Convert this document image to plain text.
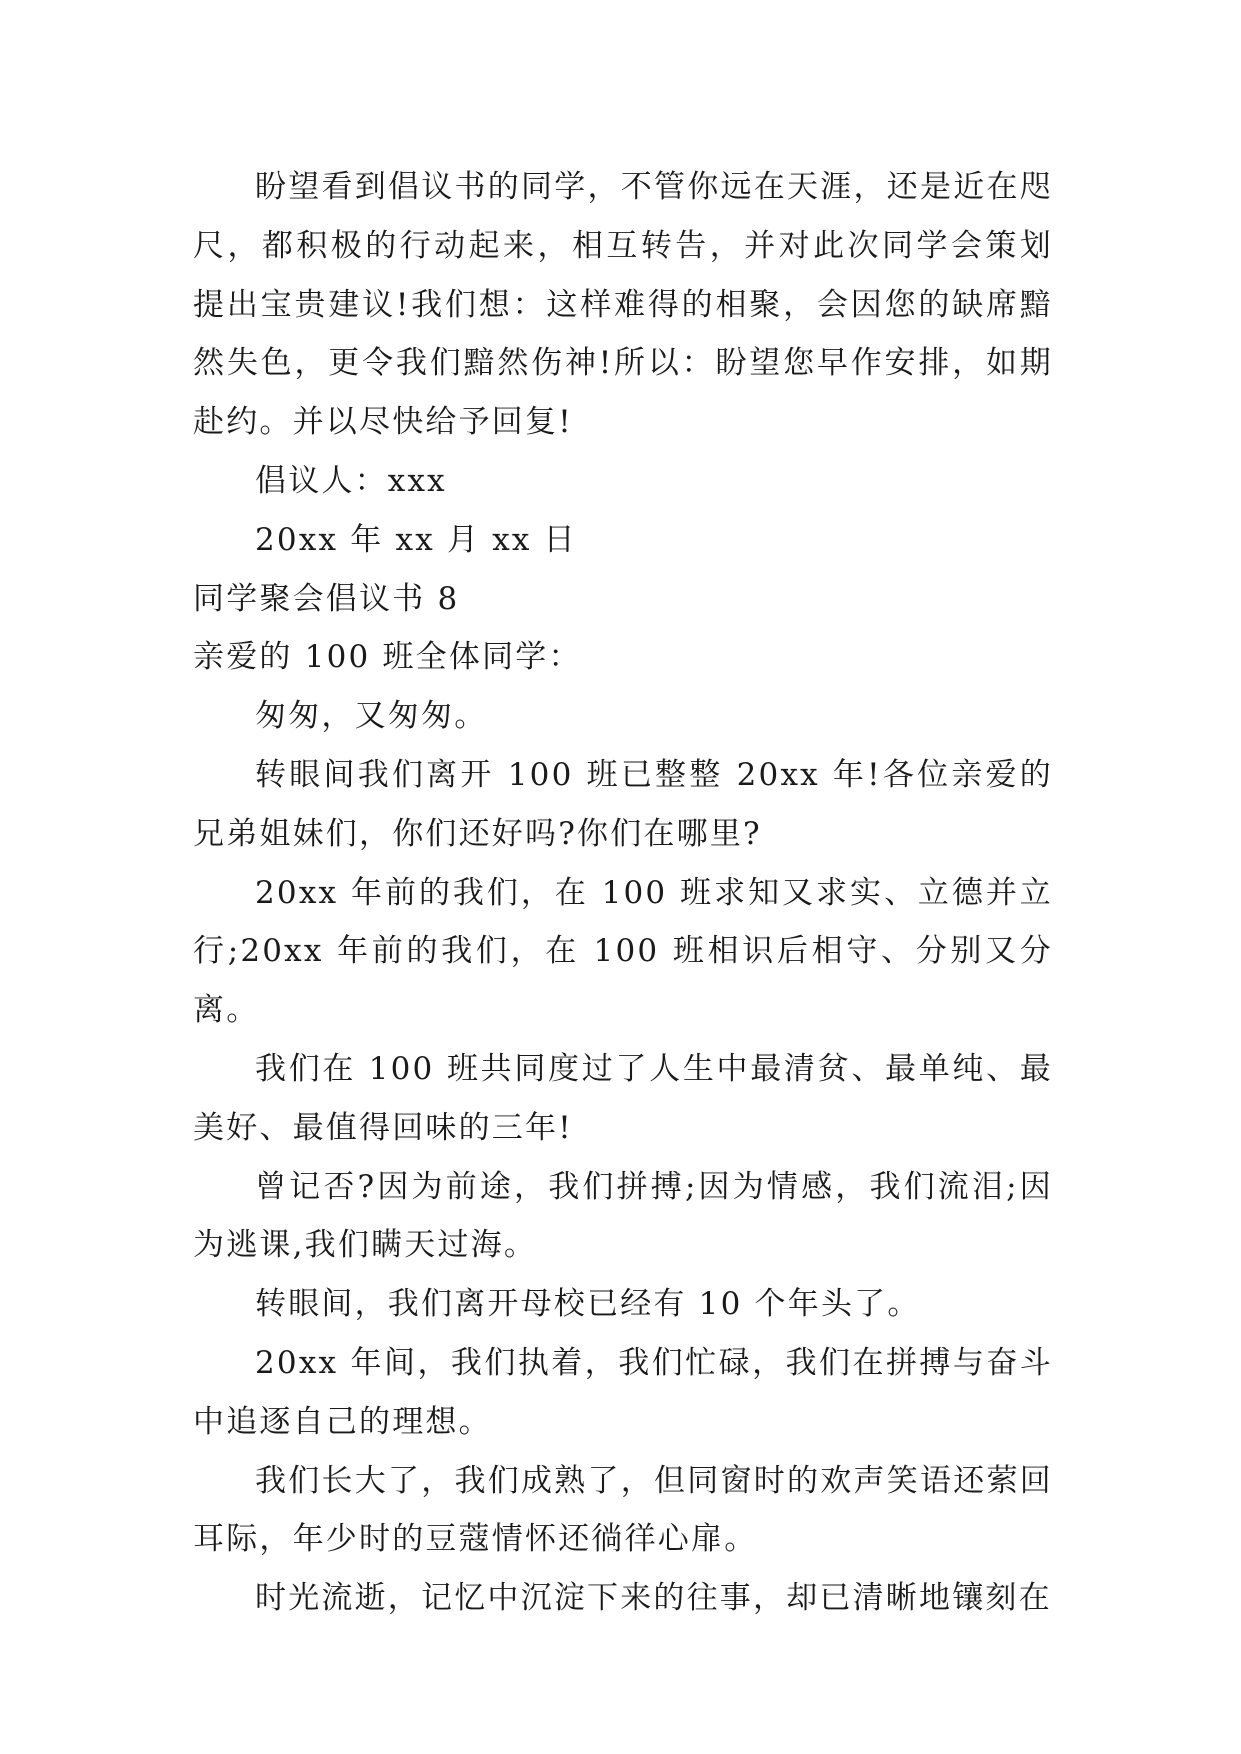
盼望看到倡议书的同学，不管你远在天涯，还是近在咫尺，都积极的行动起来，相互转告，并对此次同学会策划提出宝贵建议!我们想：这样难得的相聚，会因您的缺席黯然失色，更令我们黯然伤神!所以：盼望您早作安排，如期赴约。并以尽快给予回复!

倡议人：xxx

20xx 年 xx 月 xx 日

同学聚会倡议书 8

亲爱的 100 班全体同学：

匆匆，又匆匆。

转眼间我们离开 100 班已整整 20xx 年!各位亲爱的兄弟姐妹们，你们还好吗?你们在哪里?

20xx 年前的我们，在 100 班求知又求实、立德并立行;20xx 年前的我们，在 100 班相识后相守、分别又分离。

我们在 100 班共同度过了人生中最清贫、最单纯、最美好、最值得回味的三年!

曾记否?因为前途，我们拼搏;因为情感，我们流泪;因为逃课,我们瞒天过海。

转眼间，我们离开母校已经有 10 个年头了。

20xx 年间，我们执着，我们忙碌，我们在拼搏与奋斗中追逐自己的理想。

我们长大了，我们成熟了，但同窗时的欢声笑语还萦回耳际，年少时的豆蔻情怀还徜徉心扉。

时光流逝，记忆中沉淀下来的往事，却已清晰地镶刻在
